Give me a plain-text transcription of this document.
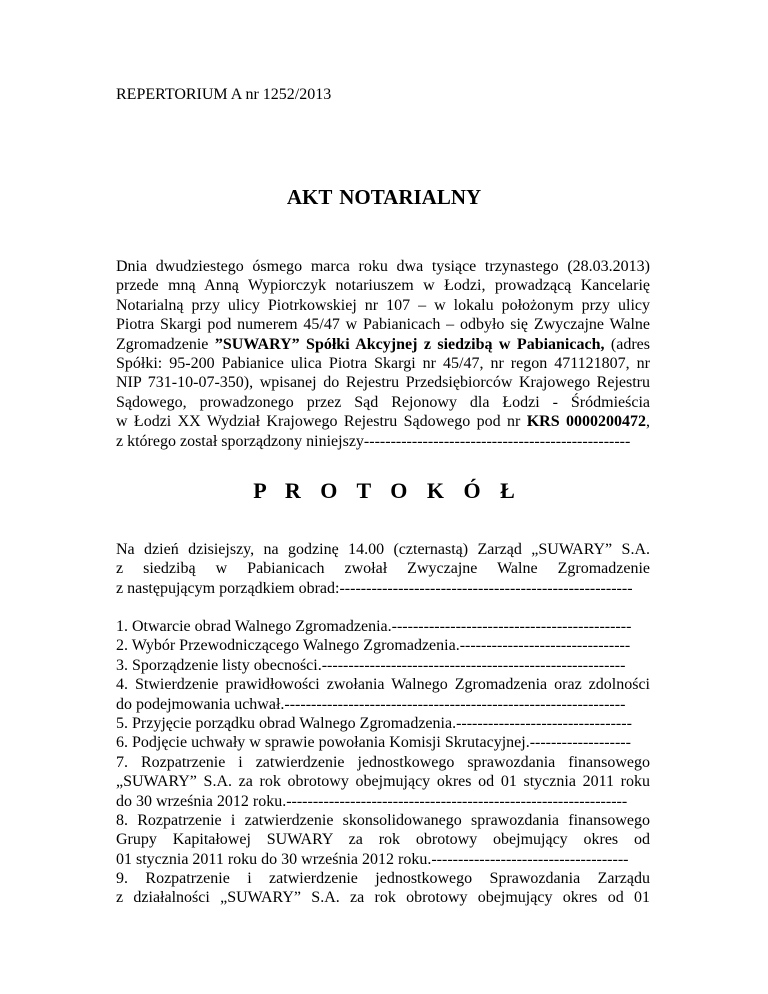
REPERTORIUM A nr 1252/2013
AKT NOTARIALNY
Dnia dwudziestego ósmego marca roku dwa tysiące trzynastego (28.03.2013)
przede mną Anną Wypiorczyk notariuszem w Łodzi, prowadzącą Kancelarię
Notarialną przy ulicy Piotrkowskiej nr 107 – w lokalu położonym przy ulicy
Piotra Skargi pod numerem 45/47 w Pabianicach – odbyło się Zwyczajne Walne
Zgromadzenie ”SUWARY” Spółki Akcyjnej z siedzibą w Pabianicach, (adres
Spółki: 95-200 Pabianice ulica Piotra Skargi nr 45/47, nr regon 471121807, nr
NIP 731-10-07-350), wpisanej do Rejestru Przedsiębiorców Krajowego Rejestru
Sądowego, prowadzonego przez Sąd Rejonowy dla Łodzi - Śródmieścia
w Łodzi XX Wydział Krajowego Rejestru Sądowego pod nr KRS 0000200472,
z którego został sporządzony niniejszy--------------------------------------------------
P R O T O K Ó Ł
Na dzień dzisiejszy, na godzinę 14.00 (czternastą) Zarząd „SUWARY” S.A.
z siedzibą w Pabianicach zwołał Zwyczajne Walne Zgromadzenie
z następującym porządkiem obrad:-------------------------------------------------------
1. Otwarcie obrad Walnego Zgromadzenia.---------------------------------------------
2. Wybór Przewodniczącego Walnego Zgromadzenia.--------------------------------
3. Sporządzenie listy obecności.---------------------------------------------------------
4. Stwierdzenie prawidłowości zwołania Walnego Zgromadzenia oraz zdolności
do podejmowania uchwał.----------------------------------------------------------------
5. Przyjęcie porządku obrad Walnego Zgromadzenia.---------------------------------
6. Podjęcie uchwały w sprawie powołania Komisji Skrutacyjnej.-------------------
7. Rozpatrzenie i zatwierdzenie jednostkowego sprawozdania finansowego
„SUWARY” S.A. za rok obrotowy obejmujący okres od 01 stycznia 2011 roku
do 30 września 2012 roku.----------------------------------------------------------------
8. Rozpatrzenie i zatwierdzenie skonsolidowanego sprawozdania finansowego
Grupy Kapitałowej SUWARY za rok obrotowy obejmujący okres od
01 stycznia 2011 roku do 30 września 2012 roku.-------------------------------------
9. Rozpatrzenie i zatwierdzenie jednostkowego Sprawozdania Zarządu
z działalności „SUWARY” S.A. za rok obrotowy obejmujący okres od 01
